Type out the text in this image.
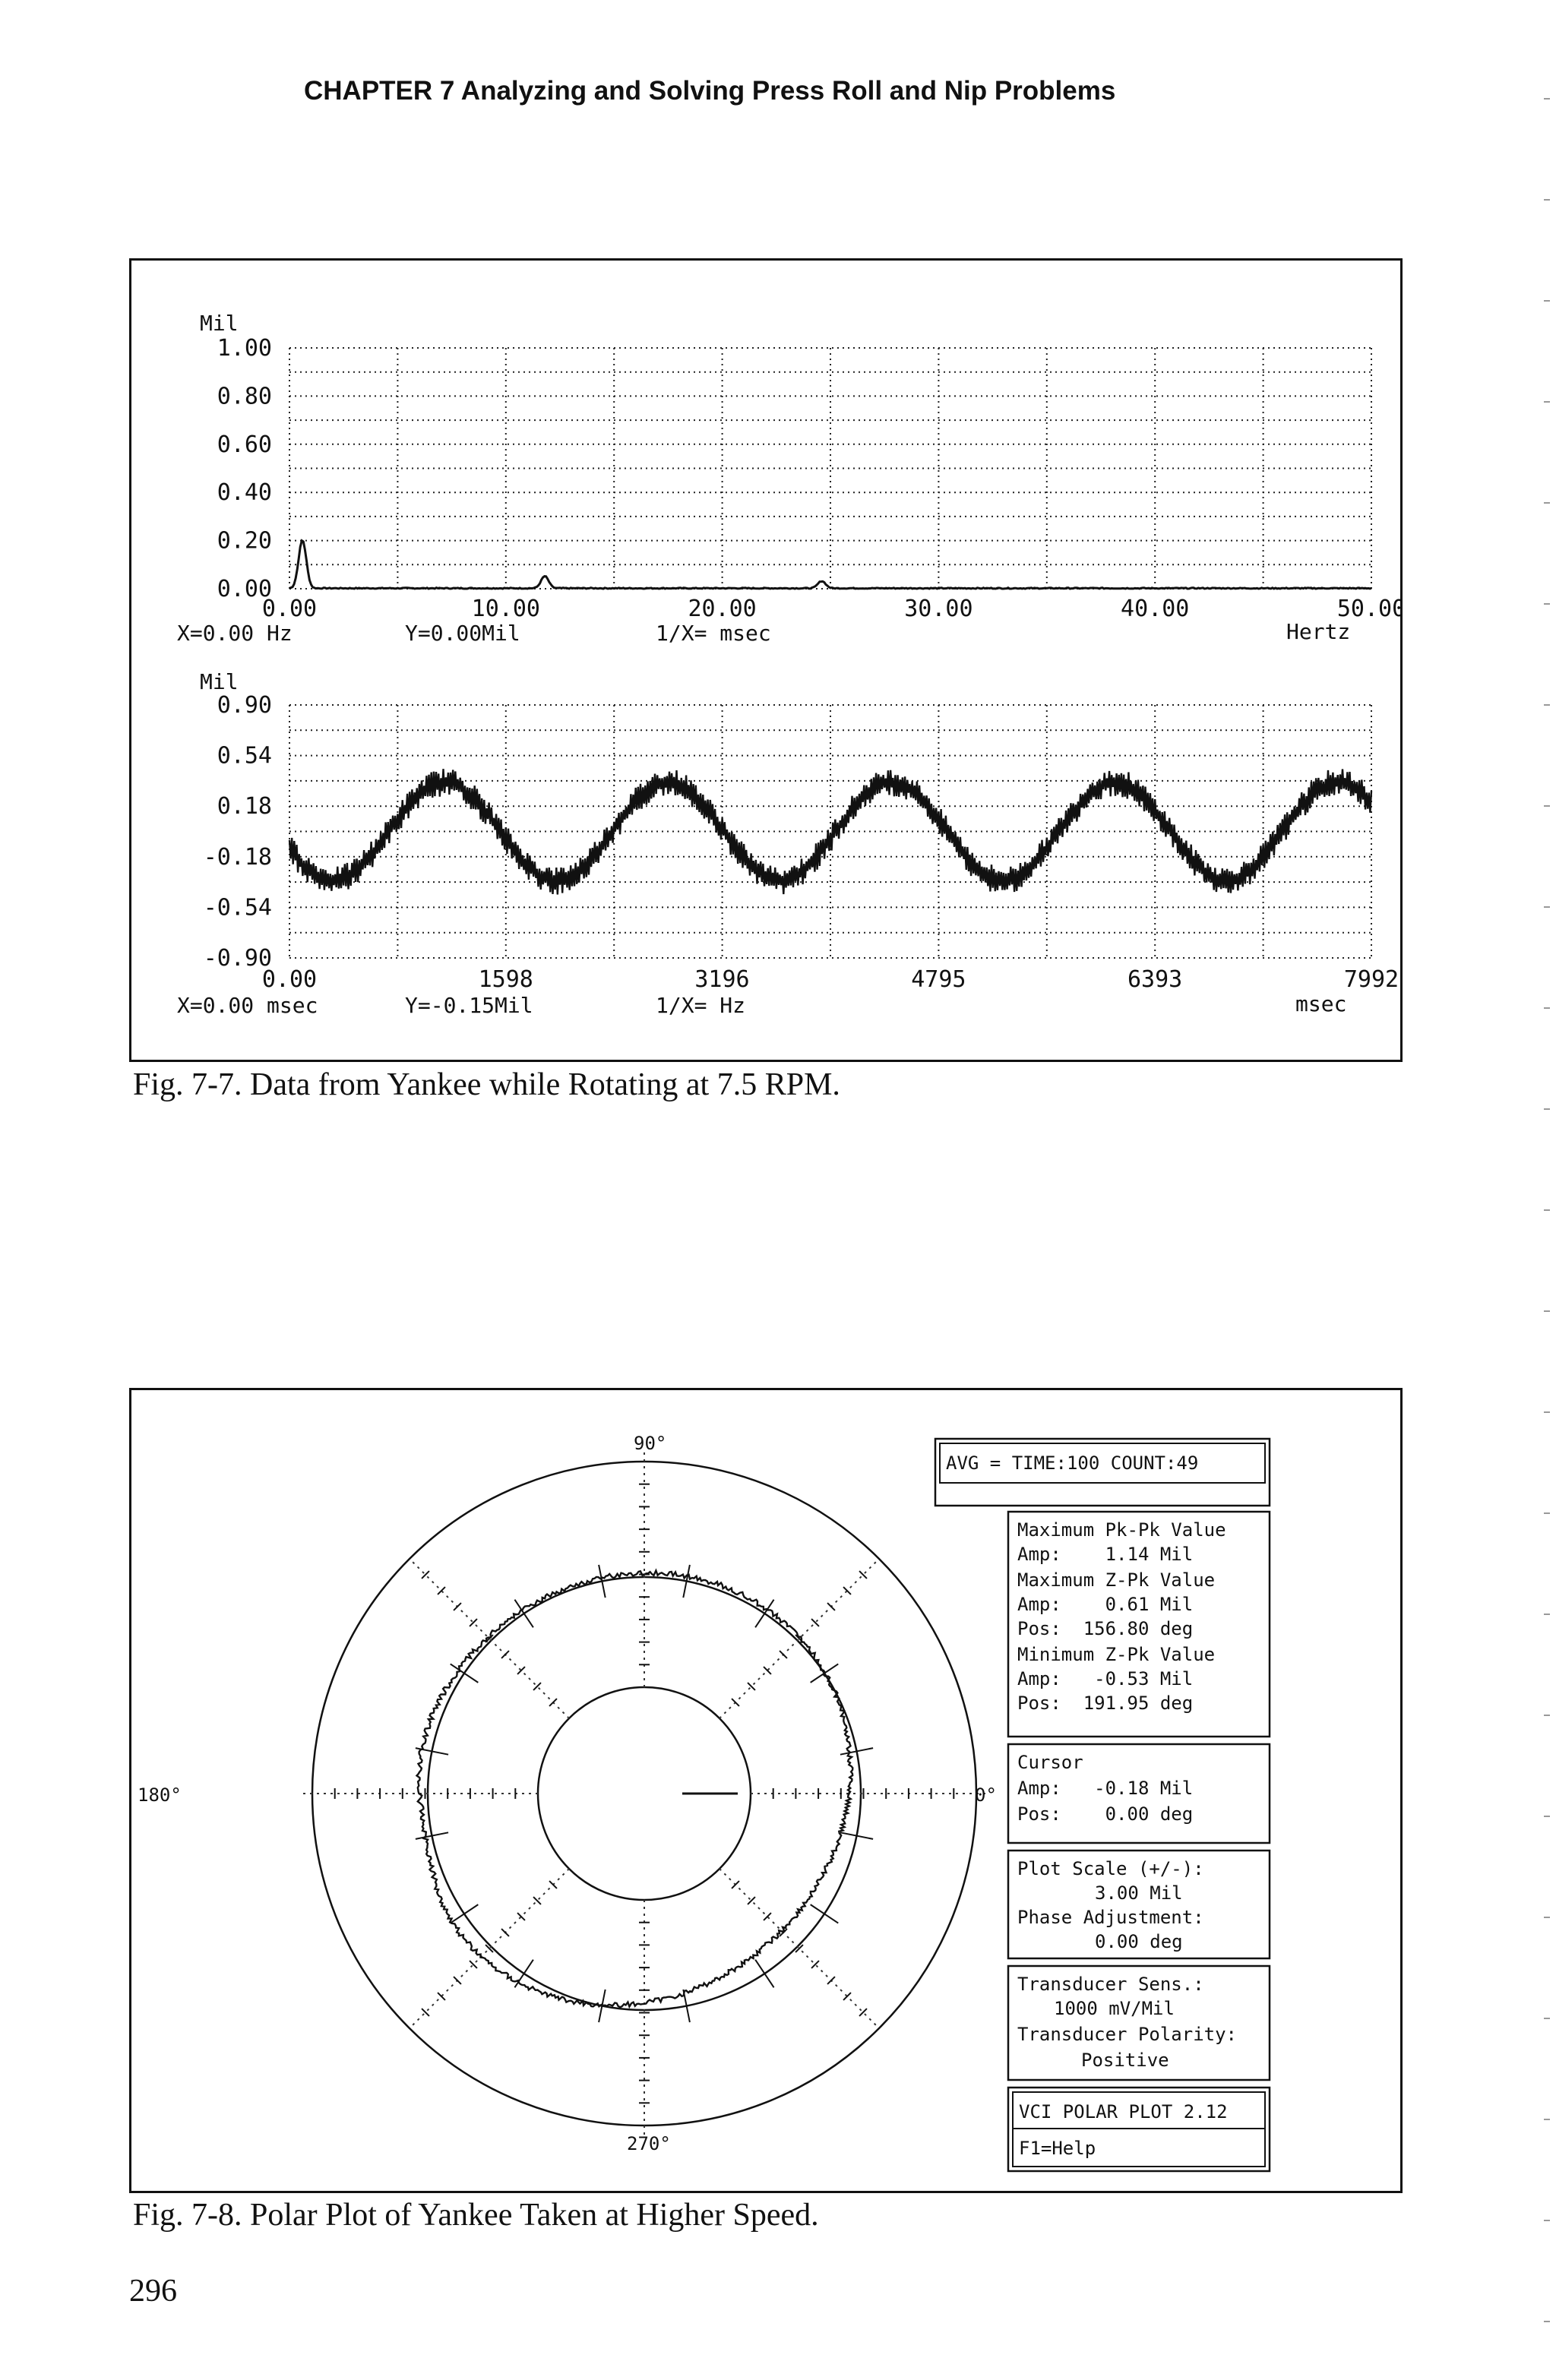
CHAPTER 7 Analyzing and Solving Press Roll and Nip Problems
Mil
1.00
0.80
0.60
0.40
0.20
0.00
0.00	10.00	20.00	30.00	40.00	50.00
X=0.00 Hz	Y=0.00Mil	1/X= msec	Hertz
Mil
0.90
0.54
0.18
-0.18
-0.54
-0.90
0.00	1598	3196	4795	6393	7992
X=0.00 msec	Y=-0.15Mil	1/X= Hz	msec
Fig. 7-7. Data from Yankee while Rotating at 7.5 RPM.
90°
180°	0°
270°
AVG = TIME:100 COUNT:49
Maximum Pk-Pk Value
Amp:    1.14 Mil
Maximum Z-Pk Value
Amp:    0.61 Mil
Pos:  156.80 deg
Minimum Z-Pk Value
Amp:   -0.53 Mil
Pos:  191.95 deg
Cursor
Amp:   -0.18 Mil
Pos:    0.00 deg
Plot Scale (+/-):
3.00 Mil
Phase Adjustment:
0.00 deg
Transducer Sens.:
1000 mV/Mil
Transducer Polarity:
Positive
VCI POLAR PLOT 2.12
F1=Help
Fig. 7-8. Polar Plot of Yankee Taken at Higher Speed.
296
